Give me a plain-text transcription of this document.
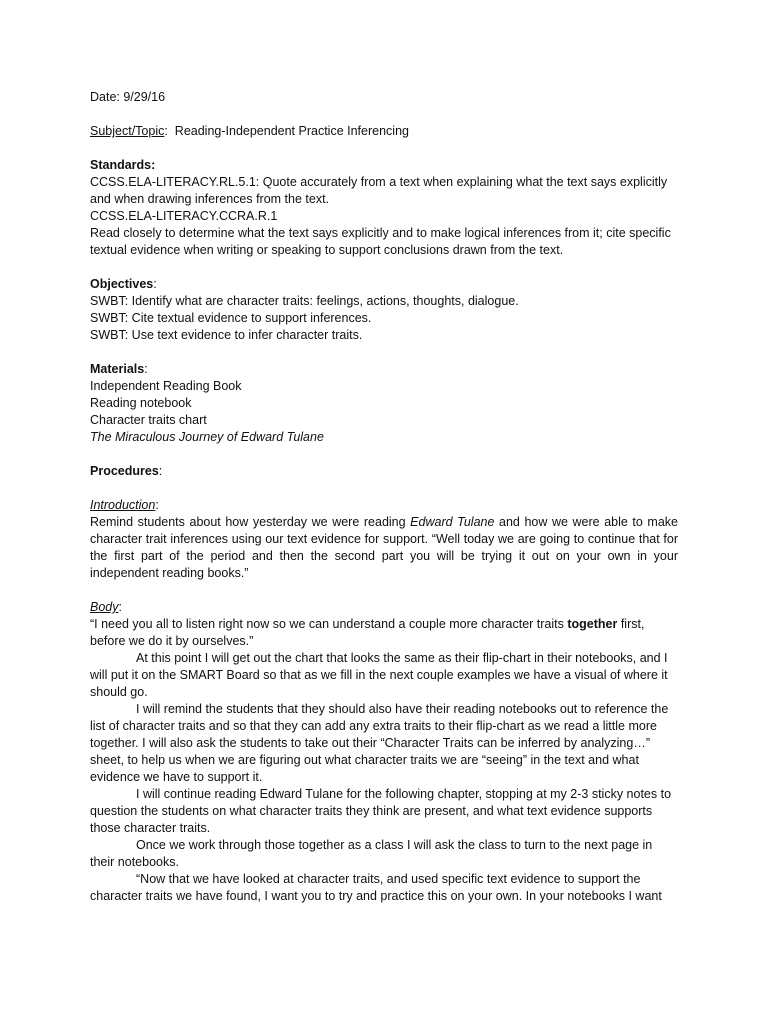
Date: 9/29/16

Subject/Topic:  Reading-Independent Practice Inferencing

Standards:

CCSS.ELA-LITERACY.RL.5.1: Quote accurately from a text when explaining what the text says explicitly

and when drawing inferences from the text.

CCSS.ELA-LITERACY.CCRA.R.1

Read closely to determine what the text says explicitly and to make logical inferences from it; cite specific

textual evidence when writing or speaking to support conclusions drawn from the text.

Objectives:

SWBT: Identify what are character traits: feelings, actions, thoughts, dialogue.

SWBT: Cite textual evidence to support inferences.

SWBT: Use text evidence to infer character traits.

Materials:

Independent Reading Book

Reading notebook

Character traits chart

The Miraculous Journey of Edward Tulane

Procedures:

Introduction:

Remind students about how yesterday we were reading Edward Tulane and how we were able to make character trait inferences using our text evidence for support. “Well today we are going to continue that for the first part of the period and then the second part you will be trying it out on your own in your independent reading books.”

Body:

“I need you all to listen right now so we can understand a couple more character traits together first, before we do it by ourselves.”

At this point I will get out the chart that looks the same as their flip-chart in their notebooks, and I will put it on the SMART Board so that as we fill in the next couple examples we have a visual of where it should go.

I will remind the students that they should also have their reading notebooks out to reference the list of character traits and so that they can add any extra traits to their flip-chart as we read a little more together. I will also ask the students to take out their “Character Traits can be inferred by analyzing…” sheet, to help us when we are figuring out what character traits we are “seeing” in the text and what evidence we have to support it.

I will continue reading Edward Tulane for the following chapter, stopping at my 2-3 sticky notes to question the students on what character traits they think are present, and what text evidence supports those character traits.

Once we work through those together as a class I will ask the class to turn to the next page in their notebooks.

“Now that we have looked at character traits, and used specific text evidence to support the character traits we have found, I want you to try and practice this on your own. In your notebooks I want
